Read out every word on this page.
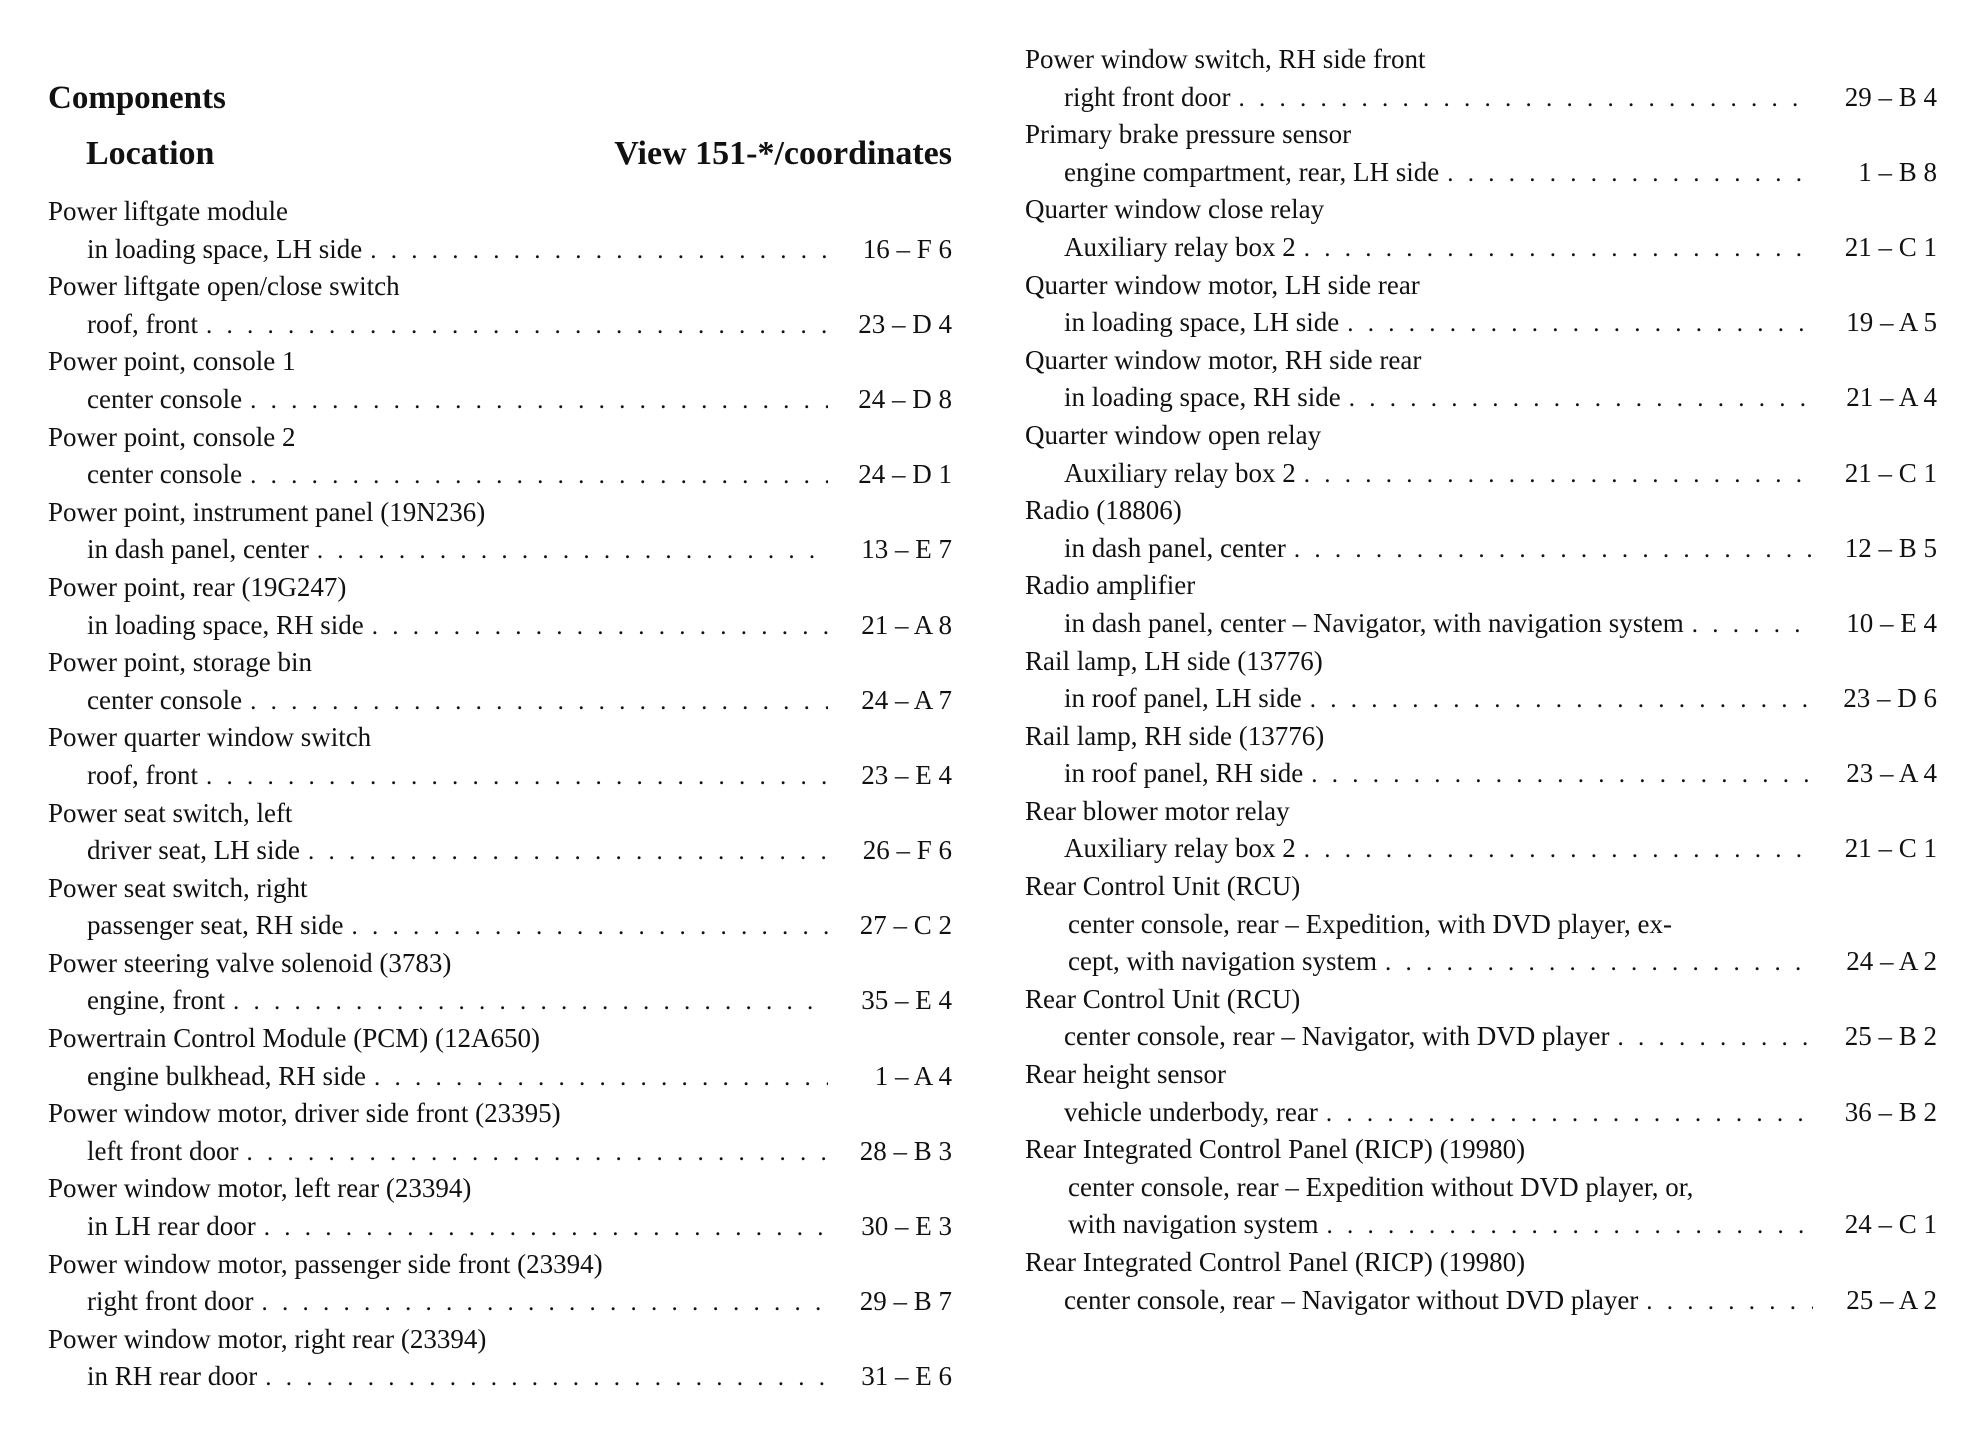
Components
Location	View 151-*/coordinates
Power liftgate module
in loading space, LH side . . .	16 – F 6
Power liftgate open/close switch
roof, front . . .	23 – D 4
Power point, console 1
center console . . .	24 – D 8
Power point, console 2
center console . . .	24 – D 1
Power point, instrument panel (19N236)
in dash panel, center . . .	13 – E 7
Power point, rear (19G247)
in loading space, RH side . . .	21 – A 8
Power point, storage bin
center console . . .	24 – A 7
Power quarter window switch
roof, front . . .	23 – E 4
Power seat switch, left
driver seat, LH side . . .	26 – F 6
Power seat switch, right
passenger seat, RH side . . .	27 – C 2
Power steering valve solenoid (3783)
engine, front . . .	35 – E 4
Powertrain Control Module (PCM) (12A650)
engine bulkhead, RH side . . .	1 – A 4
Power window motor, driver side front (23395)
left front door . . .	28 – B 3
Power window motor, left rear (23394)
in LH rear door . . .	30 – E 3
Power window motor, passenger side front (23394)
right front door . . .	29 – B 7
Power window motor, right rear (23394)
in RH rear door . . .	31 – E 6
Power window switch, RH side front
right front door . . .	29 – B 4
Primary brake pressure sensor
engine compartment, rear, LH side . . .	1 – B 8
Quarter window close relay
Auxiliary relay box 2 . . .	21 – C 1
Quarter window motor, LH side rear
in loading space, LH side . . .	19 – A 5
Quarter window motor, RH side rear
in loading space, RH side . . .	21 – A 4
Quarter window open relay
Auxiliary relay box 2 . . .	21 – C 1
Radio (18806)
in dash panel, center . . .	12 – B 5
Radio amplifier
in dash panel, center – Navigator, with navigation system . . .	10 – E 4
Rail lamp, LH side (13776)
in roof panel, LH side . . .	23 – D 6
Rail lamp, RH side (13776)
in roof panel, RH side . . .	23 – A 4
Rear blower motor relay
Auxiliary relay box 2 . . .	21 – C 1
Rear Control Unit (RCU)
center console, rear – Expedition, with DVD player, ex-
cept, with navigation system . . .	24 – A 2
Rear Control Unit (RCU)
center console, rear – Navigator, with DVD player . . .	25 – B 2
Rear height sensor
vehicle underbody, rear . . .	36 – B 2
Rear Integrated Control Panel (RICP) (19980)
center console, rear – Expedition without DVD player, or,
with navigation system . . .	24 – C 1
Rear Integrated Control Panel (RICP) (19980)
center console, rear – Navigator without DVD player . . .	25 – A 2
